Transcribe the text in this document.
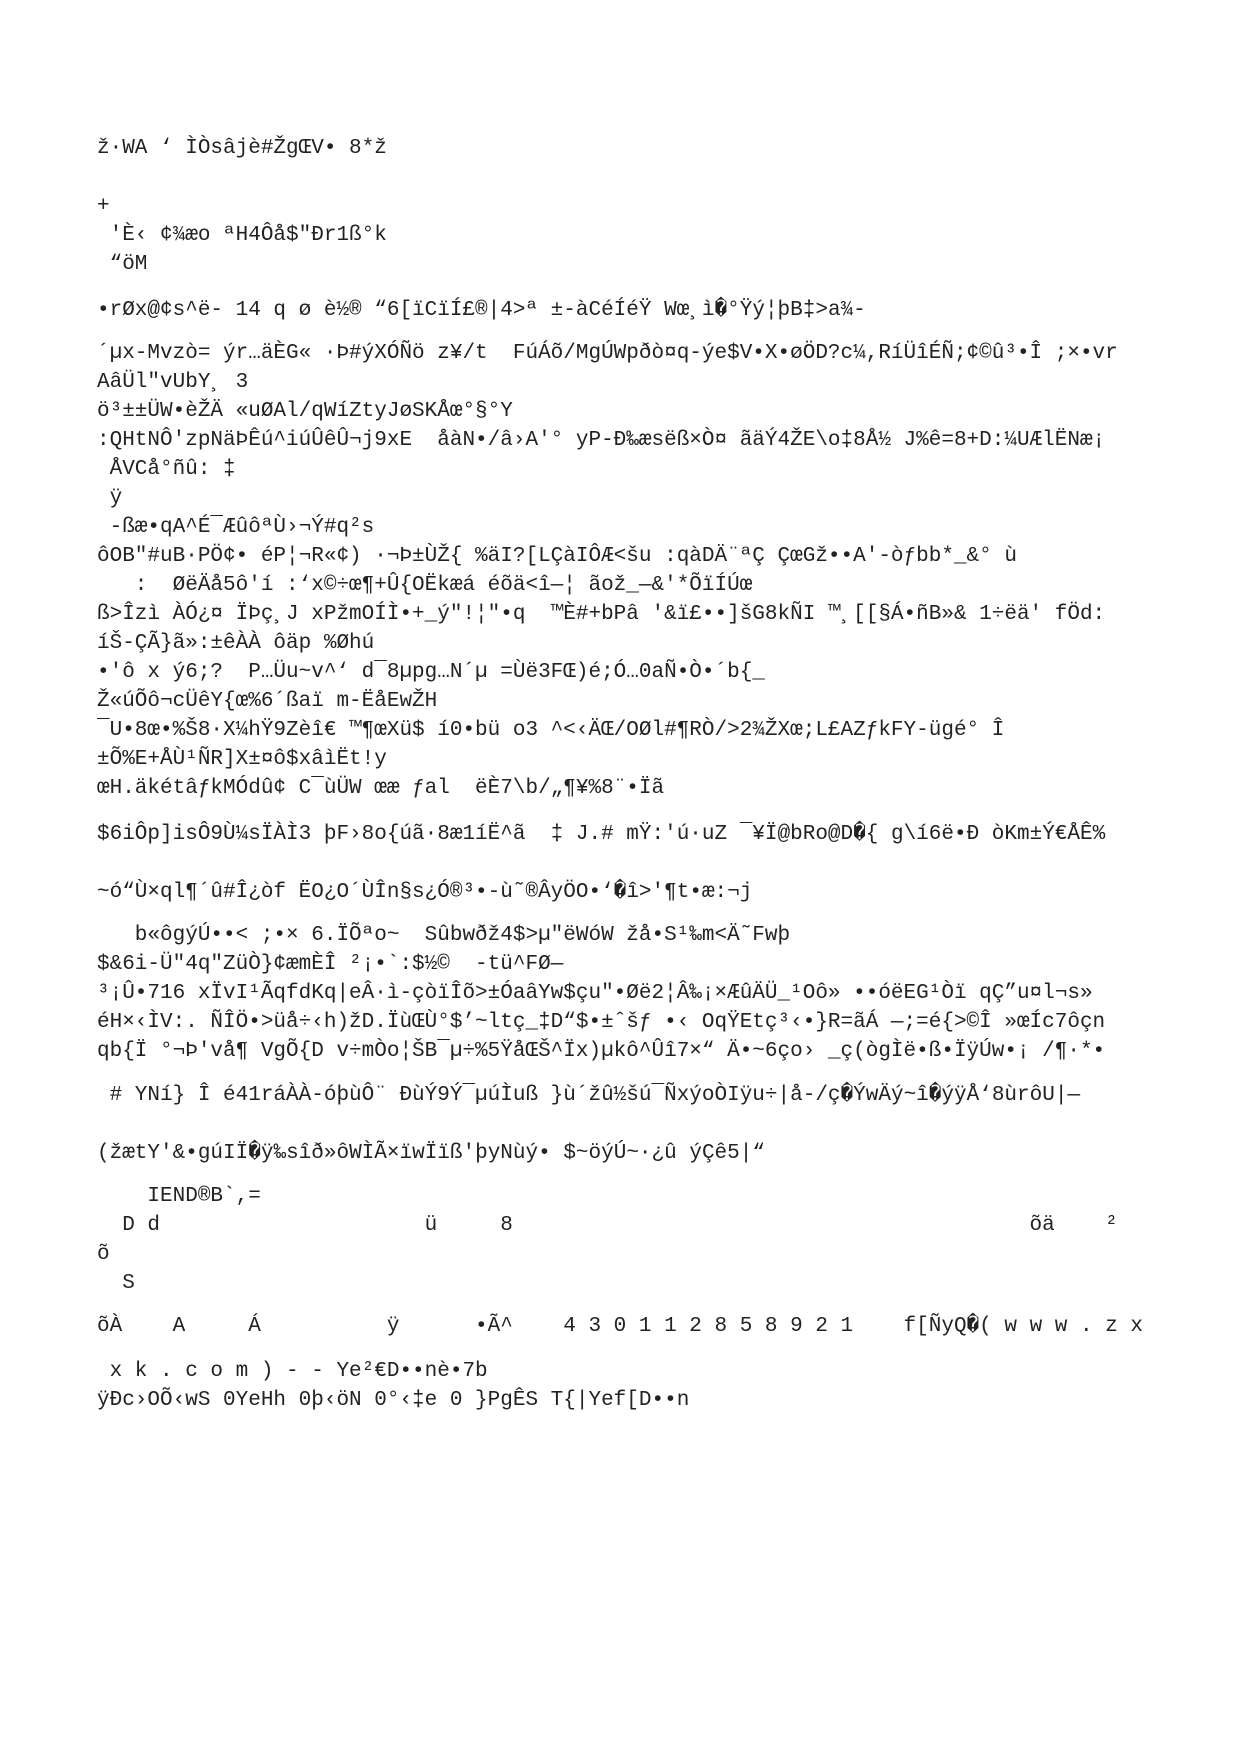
ž·WA ‘ ÌÒsâjè#ŽgŒV• 8*ž
+
'È‹ ¢¾æo ªH4Ôå$"Ðr1ß°k
“öM
•rØx@¢s^ë- 14 q ø è½® “6[ïCïÍ£®|4>ª ±-àCéÍéŸ Wœ¸ì�°Ÿý¦þB‡>a¾-
´µx-Mvzò= ýr…äÈG« ·Þ#ýXÓÑö z¥/t  FúÁõ/MgÚWpðò¤q-ýe$V•X•øÖD?c¼,RíÜîÉÑ;¢©û³•Î ;×•vr
AâÜl"vUbY¸ 3
ö³±±ÜW•èŽÄ «uØAl/qWíZtyJøSKÅœ°§°Y
:QHtNÔ'zpNäÞÊú^iúÛêÛ¬j9xE  åàN•/â›A'° yP-Ð‰æsëß×Ò¤ ãäÝ4ŽE\o‡8Å½ J%ê=8+D:¼UÆlËNæ¡
ÅVCå°ñû: ‡
ÿ
-ßæ•qA^É¯ÆûôªÙ›¬Ý#q²s
ôOB"#uB·PÖ¢• éP¦¬R«¢) ·¬Þ±ÙŽ{ %äI?[LÇàIÔÆ<šu :qàDÄ¨ªÇ ÇœGž••A'-òƒbb*_&° ù
:  ØëÄå5ô'í :‘x©÷œ¶+Û{OËkæá éõä<î—¦ ãož_—&'*ÕïÍÚœ
ß>Îzì ÀÓ¿¤ ÏÞç¸J xPžmOÍÌ•+_ý"!¦"•q  ™È#+bPâ '&ï£••]šG8kÑI ™¸[[§Á•ñB»& 1÷ëä' fÖd:
íŠ-ÇÃ}ã»:±êÀÀ ôäp %Øhú
•'ô x ý6;?  P…Üu~v^‘ d¯8µpg…N´µ =Ùë3FŒ)é;Ó…0aÑ•Ò•´b{_
Ž«úÕô¬cÜêY{œ%6´ßaï m-ËåEwŽH
¯U•8œ•%Š8·X¼hŸ9Zèî€ ™¶œXü$ í0•bü o3 ^<‹ÄŒ/OØl#¶RÒ/>2¾ŽXœ;L£AZƒkFY-ügé° Î
±Õ%E+ÅÙ¹ÑR]X±¤ô$xâìËt!y
œH.äkétâƒkMÓdû¢ C¯ùÜW œæ ƒal  ëÈ7\b/„¶¥%8¨•Ïã
$6iÔp]isÔ9Ù¼sÏÀÌ3 þF›8o{úã·8æ1íË^ã  ‡ J.# mŸ:'ú·uZ ¯¥Ï@bRo@D�{ g\í6ë•Ð òKm±Ý€ÅÊ%
~ó“Ù×ql¶´û#Î¿òf ËO¿O´ÙÎn§s¿Ó®³•-ù˜®ÂyÖO•‘�î>'¶t•æ:¬j
b«ôgýÚ••< ;•× 6.ÏÕªo~  Sûbwðž4$>µ"ëWóW žå•S¹‰m<Ä˜Fwþ
$&6i-Ü"4q"ZüÒ}¢æmÈÎ ²¡•`:$½©  -tü^FØ—
³¡Û•716 xÏvI¹ÃqfdKq|eÂ·ì-çòïÎõ>±ÓaâYw$çu"•Øë2¦Â‰¡×ÆûÄÜ_¹Oô» ••óëEG¹Òï qÇ”u¤l¬s»
éH×‹ÌV:. ÑÎÖ•>üå÷‹h)žD.ÏùŒÙ°$’~ltç_‡D“$•±ˆšƒ •‹ OqŸEtç³‹•}R=ãÁ —;=é{>©Î »œÍc7ôçn
qb{Ï °¬Þ'vå¶ VgÕ{D v÷mÒo¦ŠB¯µ÷%5ŸåŒŠ^Ïx)µkô^Ûî7×“ Ä•~6ço› _ç(ògÌë•ß•ÏÿÚw•¡ /¶·*•
# YNí} Î é41ráÀÀ-óþùÔ¨ ÐùÝ9Ý¯µúÌuß }ù´žû½šú¯ÑxýoÒIÿu÷|å-/ç�ÝwÄý~î�ýÿÅ‘8ùrôU|—
(žætY'&•gúIÏ�ÿ‰sîð»ôWÌÃ×ïwÏïß'þyNùý• $~öýÚ~·¿û ýÇê5|“
IEND®B`,=
D d                     ü     8                                         õä    ²
õ
S
õÀ    A     Á          ÿ      •Ã^    4 3 0 1 1 2 8 5 8 9 2 1    f[ÑyQ�( w w w . z x
x k . c o m ) - - Ye²€D••nè•7b
ÿÐc›OÕ‹wS 0YeHh 0þ‹öN 0°‹‡e 0 }PgÊS T{|Yef[D••n
